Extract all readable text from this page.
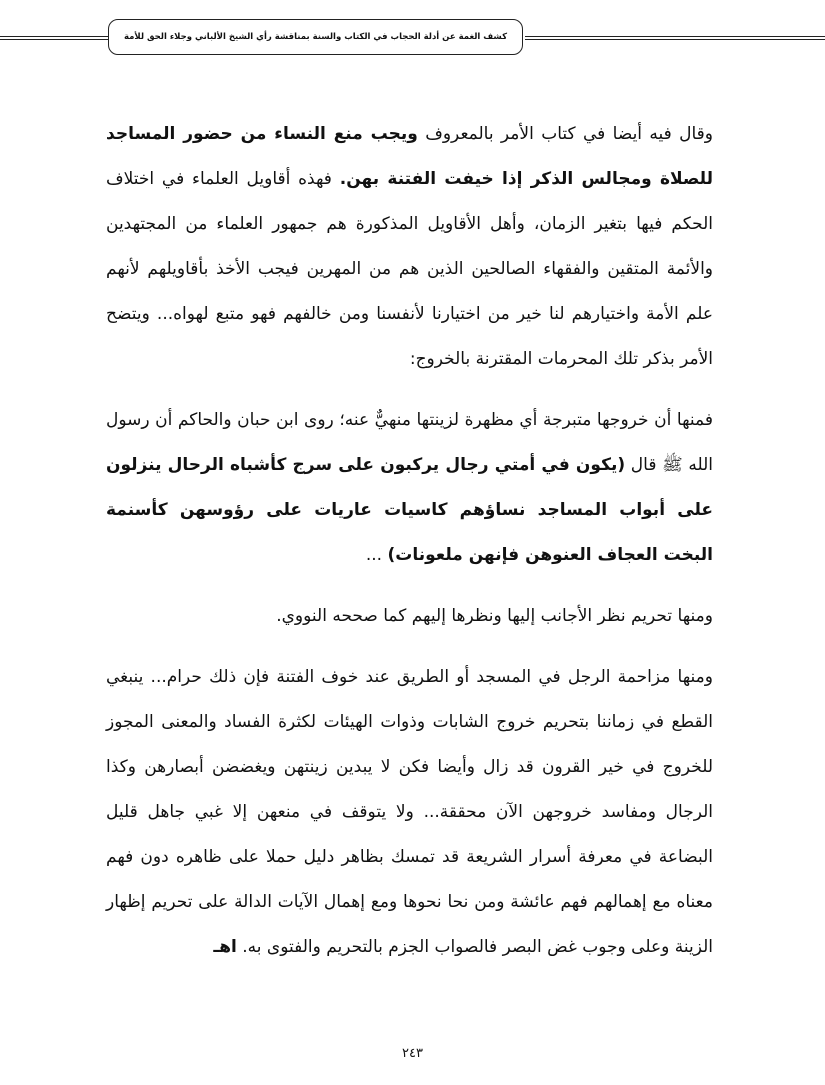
كشف الغمة عن أدلة الحجاب في الكتاب والسنة بمناقشة رأي الشيخ الألباني وجلاء الحق للأمة

وقال فيه أيضا في كتاب الأمر بالمعروف ويجب منع النساء من حضور المساجد للصلاة ومجالس الذكر إذا خيفت الفتنة بهن. فهذه أقاويل العلماء في اختلاف الحكم فيها بتغير الزمان، وأهل الأقاويل المذكورة هم جمهور العلماء من المجتهدين والأئمة المتقين والفقهاء الصالحين الذين هم من المهرين فيجب الأخذ بأقاويلهم لأنهم علم الأمة واختيارهم لنا خير من اختيارنا لأنفسنا ومن خالفهم فهو متبع لهواه... ويتضح الأمر بذكر تلك المحرمات المقترنة بالخروج:

فمنها أن خروجها متبرجة أي مظهرة لزينتها منهيٌّ عنه؛ روى ابن حبان والحاكم أن رسول الله ﷺ قال (يكون في أمتي رجال يركبون على سرج كأشباه الرحال ينزلون على أبواب المساجد نساؤهم كاسيات عاريات على رؤوسهن كأسنمة البخت العجاف العنوهن فإنهن ملعونات) ...

ومنها تحريم نظر الأجانب إليها ونظرها إليهم كما صححه النووي.

ومنها مزاحمة الرجل في المسجد أو الطريق عند خوف الفتنة فإن ذلك حرام... ينبغي القطع في زماننا بتحريم خروج الشابات وذوات الهيئات لكثرة الفساد والمعنى المجوز للخروج في خير القرون قد زال وأيضا فكن لا يبدين زينتهن ويغضضن أبصارهن وكذا الرجال ومفاسد خروجهن الآن محققة... ولا يتوقف في منعهن إلا غبي جاهل قليل البضاعة في معرفة أسرار الشريعة قد تمسك بظاهر دليل حملا على ظاهره دون فهم معناه مع إهمالهم فهم عائشة ومن نحا نحوها ومع إهمال الآيات الدالة على تحريم إظهار الزينة وعلى وجوب غض البصر فالصواب الجزم بالتحريم والفتوى به. اهـ

٢٤٣
